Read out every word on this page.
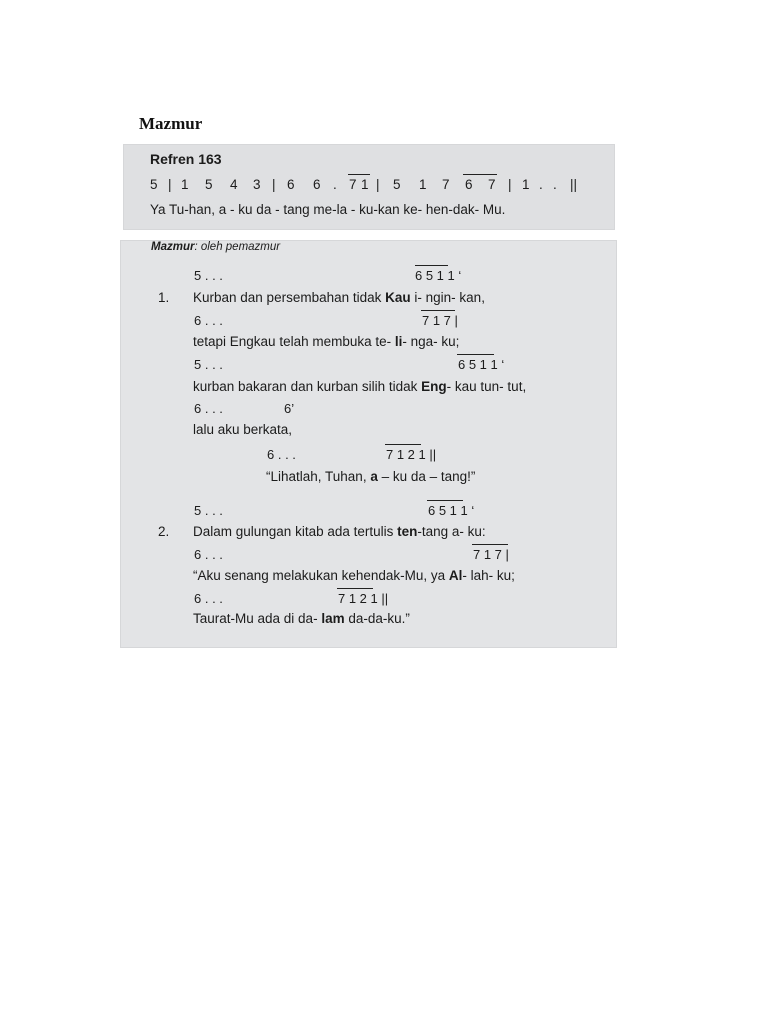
Mazmur
Refren 163
5 | 1 5 4 3 | 6 6 . 7 1 | 5 1 7 6 7 | 1 . . ||
Ya Tu-han, a - ku da - tang me-la - ku-kan ke- hen-dak- Mu.
Mazmur: oleh pemazmur
1.
5 . . .	6 5 1 1 ‘
Kurban dan persembahan tidak Kau i- ngin- kan,
6 . . .	7 1 7 |
tetapi Engkau telah membuka te- li- nga- ku;
5 . . .	6 5 1 1 ‘
kurban bakaran dan kurban silih tidak Eng- kau tun- tut,
6 . . .	6’
lalu aku berkata,
6 . . .	7 1 2 1 ||
“Lihatlah, Tuhan, a – ku da – tang!”
2.
5 . . .	6 5 1 1 ‘
Dalam gulungan kitab ada tertulis ten-tang a- ku:
6 . . .	7 1 7 |
“Aku senang melakukan kehendak-Mu, ya Al- lah- ku;
6 . . .	7 1 2 1 ||
Taurat-Mu ada di da- lam da-da-ku.”
